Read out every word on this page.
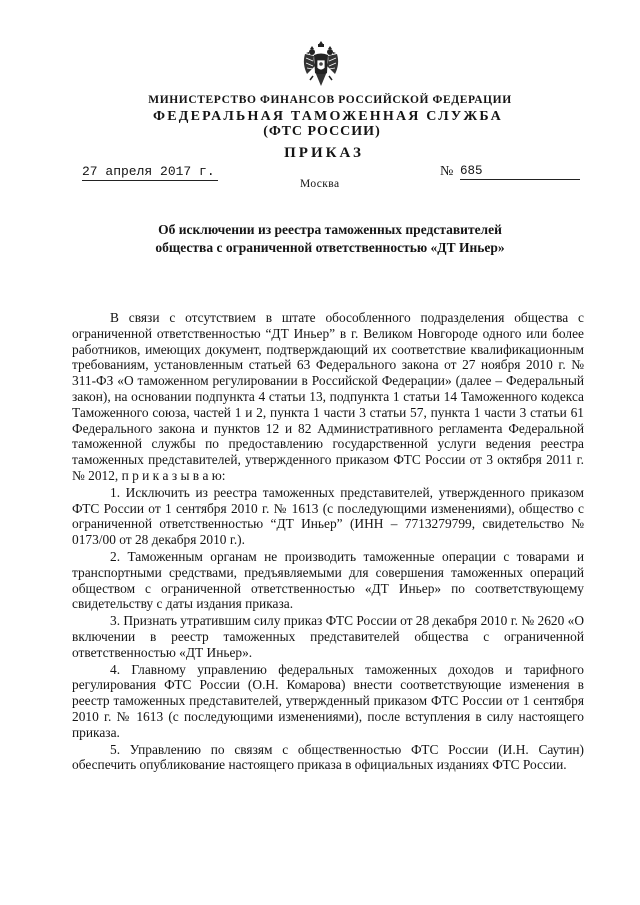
МИНИСТЕРСТВО ФИНАНСОВ РОССИЙСКОЙ ФЕДЕРАЦИИ
ФЕДЕРАЛЬНАЯ ТАМОЖЕННАЯ СЛУЖБА
(ФТС РОССИИ)
ПРИКАЗ
27 апреля 2017 г.	№ 685
Москва
Об исключении из реестра таможенных представителей
общества с ограниченной ответственностью «ДТ Иньер»

В связи с отсутствием в штате обособленного подразделения общества с ограниченной ответственностью “ДТ Иньер” в г. Великом Новгороде одного или более работников, имеющих документ, подтверждающий их соответствие квалификационным требованиям, установленным статьей 63 Федерального закона от 27 ноября 2010 г. № 311-ФЗ «О таможенном регулировании в Российской Федерации» (далее – Федеральный закон), на основании подпункта 4 статьи 13, подпункта 1 статьи 14 Таможенного кодекса Таможенного союза, частей 1 и 2, пункта 1 части 3 статьи 57, пункта 1 части 3 статьи 61 Федерального закона и пунктов 12 и 82 Административного регламента Федеральной таможенной службы по предоставлению государственной услуги ведения реестра таможенных представителей, утвержденного приказом ФТС России от 3 октября 2011 г. № 2012, п р и к а з ы в а ю:

1. Исключить из реестра таможенных представителей, утвержденного приказом ФТС России от 1 сентября 2010 г. № 1613 (с последующими изменениями), общество с ограниченной ответственностью “ДТ Иньер” (ИНН – 7713279799, свидетельство № 0173/00 от 28 декабря 2010 г.).

2. Таможенным органам не производить таможенные операции с товарами и транспортными средствами, предъявляемыми для совершения таможенных операций обществом с ограниченной ответственностью «ДТ Иньер» по соответствующему свидетельству с даты издания приказа.

3. Признать утратившим силу приказ ФТС России от 28 декабря 2010 г. № 2620 «О включении в реестр таможенных представителей общества с ограниченной ответственностью «ДТ Иньер».

4. Главному управлению федеральных таможенных доходов и тарифного регулирования ФТС России (О.Н. Комарова) внести соответствующие изменения в реестр таможенных представителей, утвержденный приказом ФТС России от 1 сентября 2010 г. № 1613 (с последующими изменениями), после вступления в силу настоящего приказа.

5. Управлению по связям с общественностью ФТС России (И.Н. Саутин) обеспечить опубликование настоящего приказа в официальных изданиях ФТС России.
